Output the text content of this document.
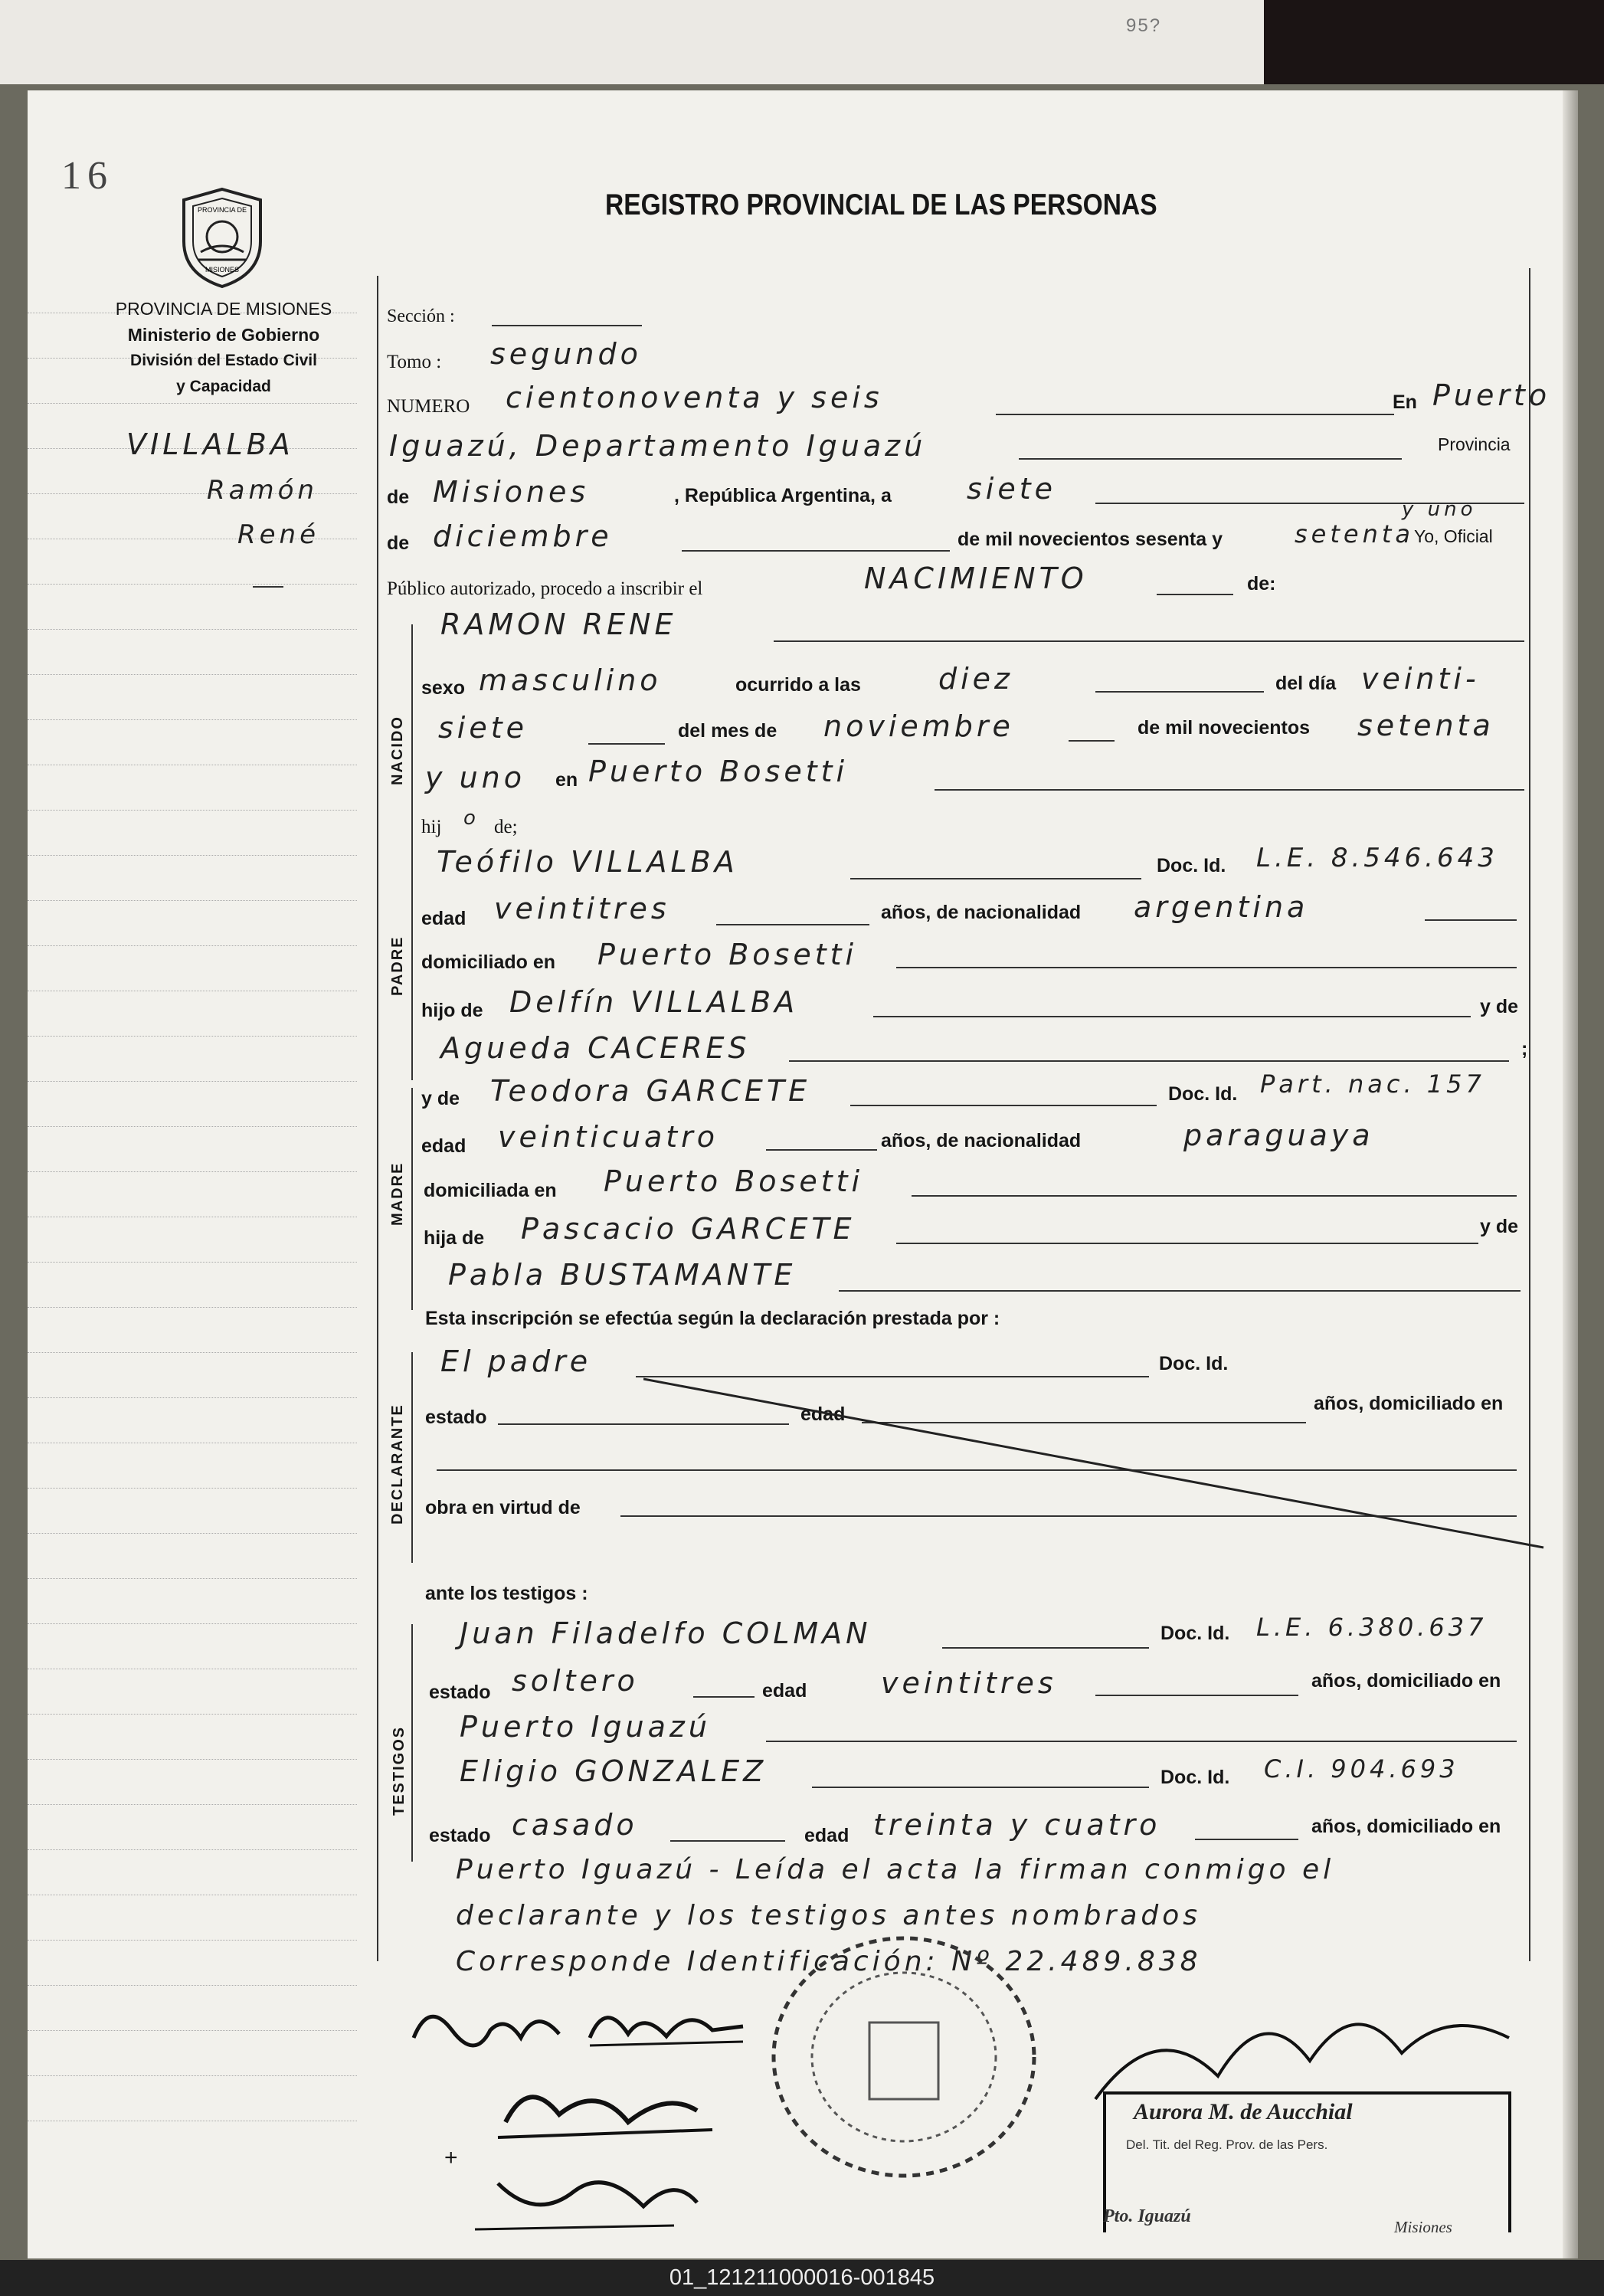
95?
16
PROVINCIA DE
MISIONES
PROVINCIA DE MISIONES
Ministerio de Gobierno
División del Estado Civil
y Capacidad
VILLALBA
Ramón
René
REGISTRO PROVINCIAL DE LAS PERSONAS
Sección :
Tomo : segundo
NUMERO cientonoventa y seis	En Puerto
Iguazú, Departamento Iguazú	Provincia
de Misiones	, República Argentina, a	siete
de diciembre	de mil novecientos sesenta y	setenta
y uno
Yo, Oficial
Público autorizado, procedo a inscribir el	NACIMIENTO	de:
NACIDO
RAMON RENE
sexo masculino	ocurrido a las	diez	del día veinti-
siete	del mes de noviembre	de mil novecientos setenta
y uno en Puerto Bosetti
hij o de;
PADRE
Teófilo VILLALBA	Doc. Id. L.E. 8.546.643
edad veintitres	años, de nacionalidad argentina
domiciliado en Puerto Bosetti
hijo de Delfín VILLALBA	y de
Agueda CACERES	;
MADRE
y de Teodora GARCETE	Doc. Id. Part. nac. 157
edad veinticuatro	años, de nacionalidad	paraguaya
domiciliada en Puerto Bosetti
hija de Pascacio GARCETE	y de
Pabla BUSTAMANTE
Esta inscripción se efectúa según la declaración prestada por :
DECLARANTE
El padre	Doc. Id.
estado	edad	años, domiciliado en
obra en virtud de
ante los testigos :
TESTIGOS
Juan Filadelfo COLMAN	Doc. Id. L.E. 6.380.637
estado soltero	edad	veintitres	años, domiciliado en
Puerto Iguazú
Eligio GONZALEZ	Doc. Id. C.I. 904.693
estado casado	edad treinta y cuatro	años, domiciliado en
Puerto Iguazú - Leída el acta la firman conmigo el
declarante y los testigos antes nombrados
Corresponde Identificación: Nº 22.489.838
+
Aurora M. de Aucchial
Del. Tit. del Reg. Prov. de las Pers.
Pto. Iguazú
Misiones
01_121211000016-001845
